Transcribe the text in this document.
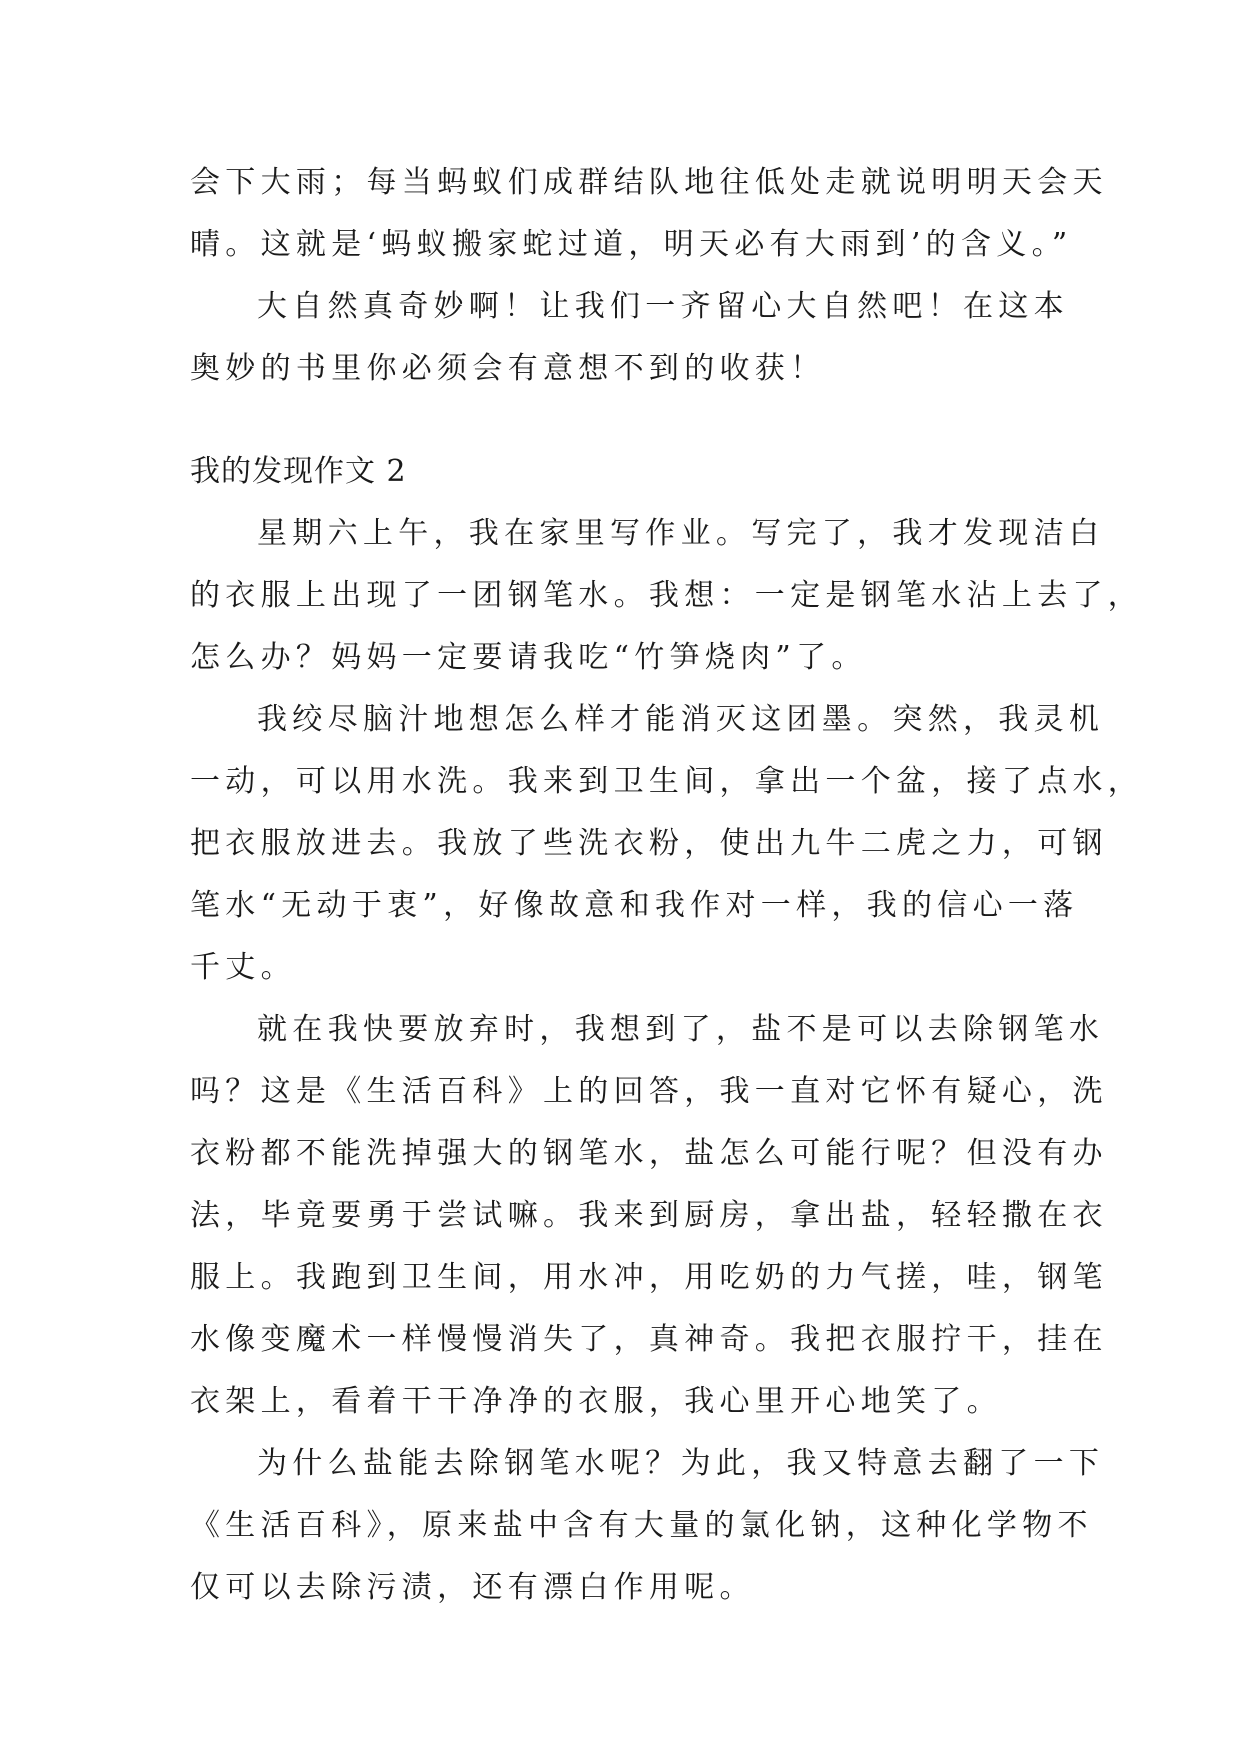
会下大雨；每当蚂蚁们成群结队地往低处走就说明明天会天
晴。这就是‘蚂蚁搬家蛇过道，明天必有大雨到’的含义。”
大自然真奇妙啊！让我们一齐留心大自然吧！在这本
奥妙的书里你必须会有意想不到的收获！
我的发现作文 2
星期六上午，我在家里写作业。写完了，我才发现洁白
的衣服上出现了一团钢笔水。我想：一定是钢笔水沾上去了，
怎么办？妈妈一定要请我吃“竹笋烧肉”了。
我绞尽脑汁地想怎么样才能消灭这团墨。突然，我灵机
一动，可以用水洗。我来到卫生间，拿出一个盆，接了点水，
把衣服放进去。我放了些洗衣粉，使出九牛二虎之力，可钢
笔水“无动于衷”，好像故意和我作对一样，我的信心一落
千丈。
就在我快要放弃时，我想到了，盐不是可以去除钢笔水
吗？这是《生活百科》上的回答，我一直对它怀有疑心，洗
衣粉都不能洗掉强大的钢笔水，盐怎么可能行呢？但没有办
法，毕竟要勇于尝试嘛。我来到厨房，拿出盐，轻轻撒在衣
服上。我跑到卫生间，用水冲，用吃奶的力气搓，哇，钢笔
水像变魔术一样慢慢消失了，真神奇。我把衣服拧干，挂在
衣架上，看着干干净净的衣服，我心里开心地笑了。
为什么盐能去除钢笔水呢？为此，我又特意去翻了一下
《生活百科》，原来盐中含有大量的氯化钠，这种化学物不
仅可以去除污渍，还有漂白作用呢。
